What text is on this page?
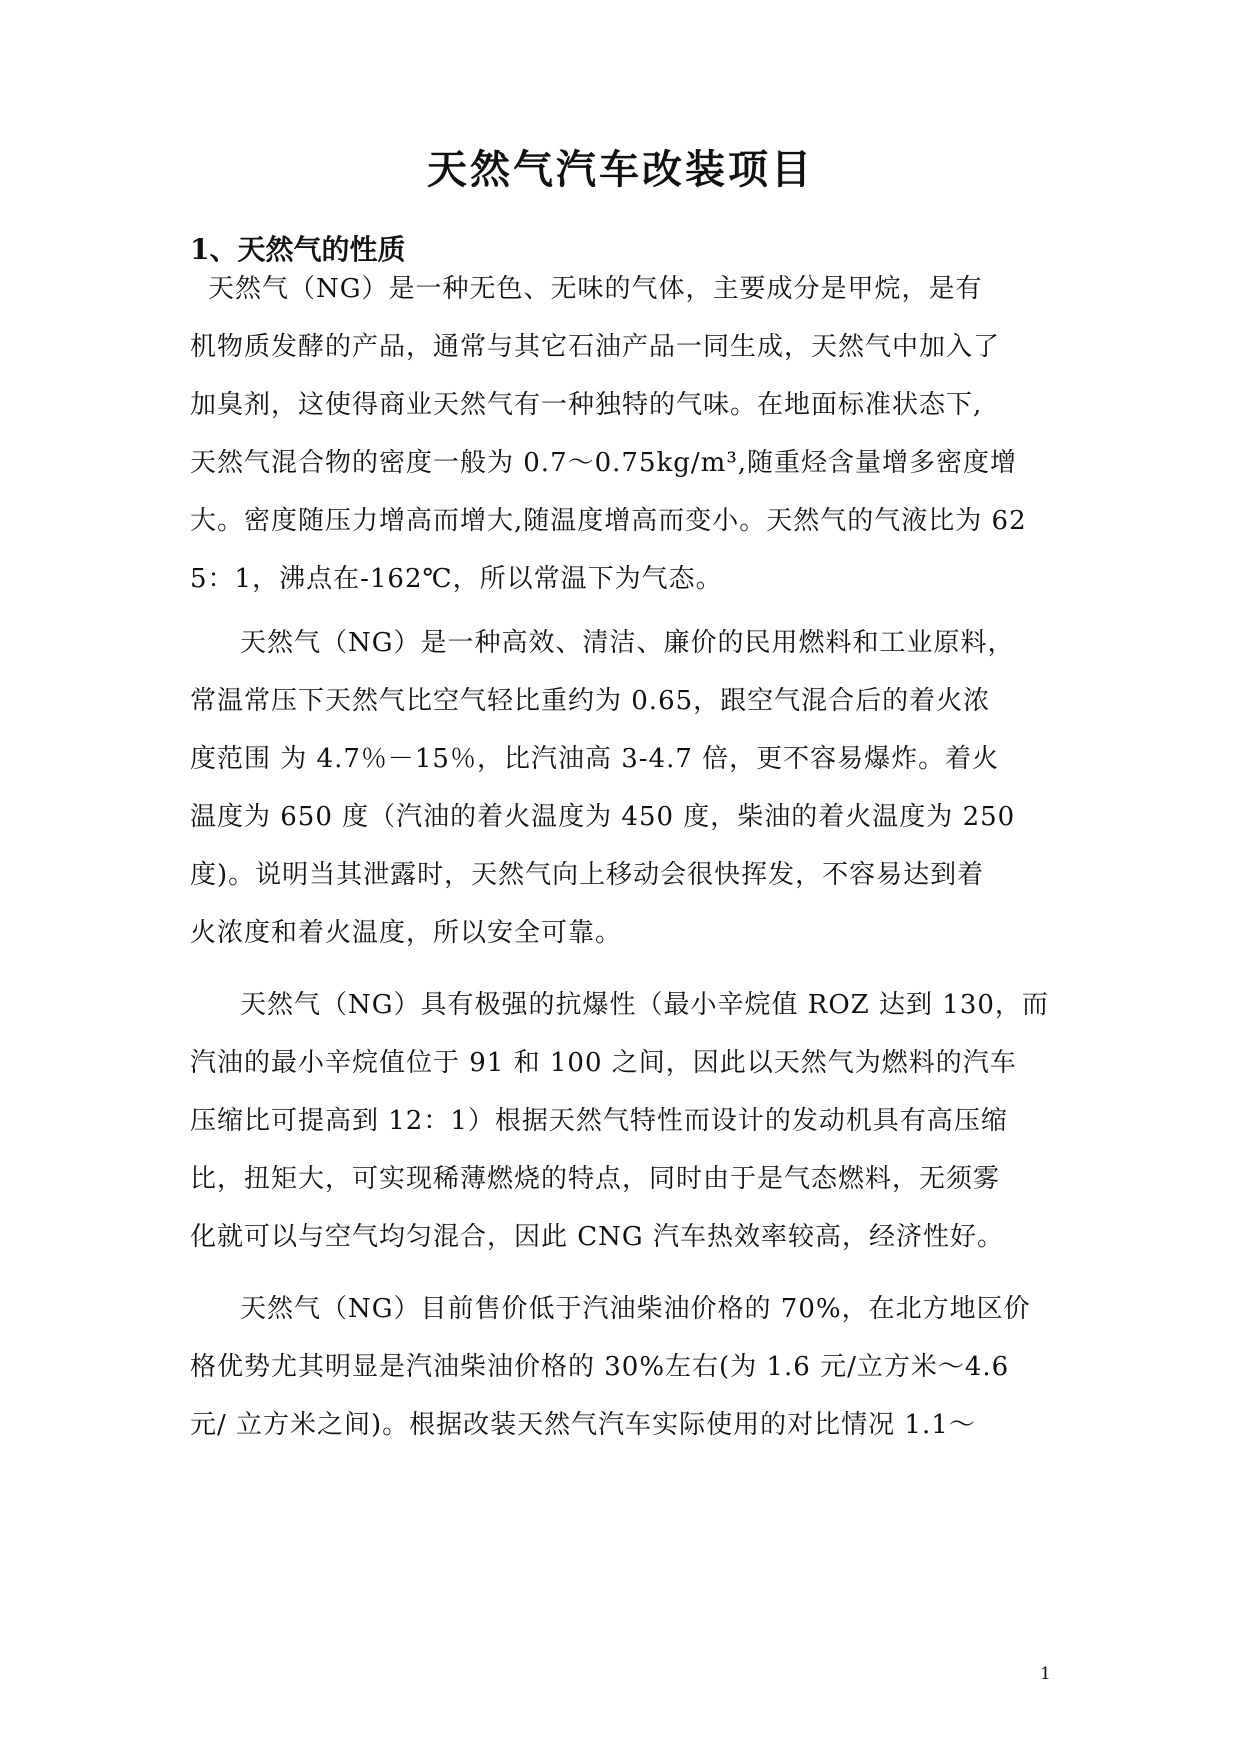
天然气汽车改装项目
1、天然气的性质
天然气（NG）是一种无色、无味的气体，主要成分是甲烷，是有
机物质发酵的产品，通常与其它石油产品一同生成，天然气中加入了
加臭剂，这使得商业天然气有一种独特的气味。在地面标准状态下,
天然气混合物的密度一般为 0.7～0.75kg/m³,随重烃含量增多密度增
大。密度随压力增高而增大,随温度增高而变小。天然气的气液比为 62
5：1，沸点在-162℃，所以常温下为气态。
天然气（NG）是一种高效、清洁、廉价的民用燃料和工业原料，
常温常压下天然气比空气轻比重约为 0.65，跟空气混合后的着火浓
度范围 为 4.7％－15％，比汽油高 3-4.7 倍，更不容易爆炸。着火
温度为 650 度（汽油的着火温度为 450 度，柴油的着火温度为 250
度)。说明当其泄露时，天然气向上移动会很快挥发，不容易达到着
火浓度和着火温度，所以安全可靠。
天然气（NG）具有极强的抗爆性（最小辛烷值 ROZ 达到 130，而
汽油的最小辛烷值位于 91 和 100 之间，因此以天然气为燃料的汽车
压缩比可提高到 12：1）根据天然气特性而设计的发动机具有高压缩
比，扭矩大，可实现稀薄燃烧的特点，同时由于是气态燃料，无须雾
化就可以与空气均匀混合，因此 CNG 汽车热效率较高，经济性好。
天然气（NG）目前售价低于汽油柴油价格的 70%，在北方地区价
格优势尤其明显是汽油柴油价格的 30%左右(为 1.6 元/立方米～4.6
元/ 立方米之间)。根据改装天然气汽车实际使用的对比情况 1.1～
1
